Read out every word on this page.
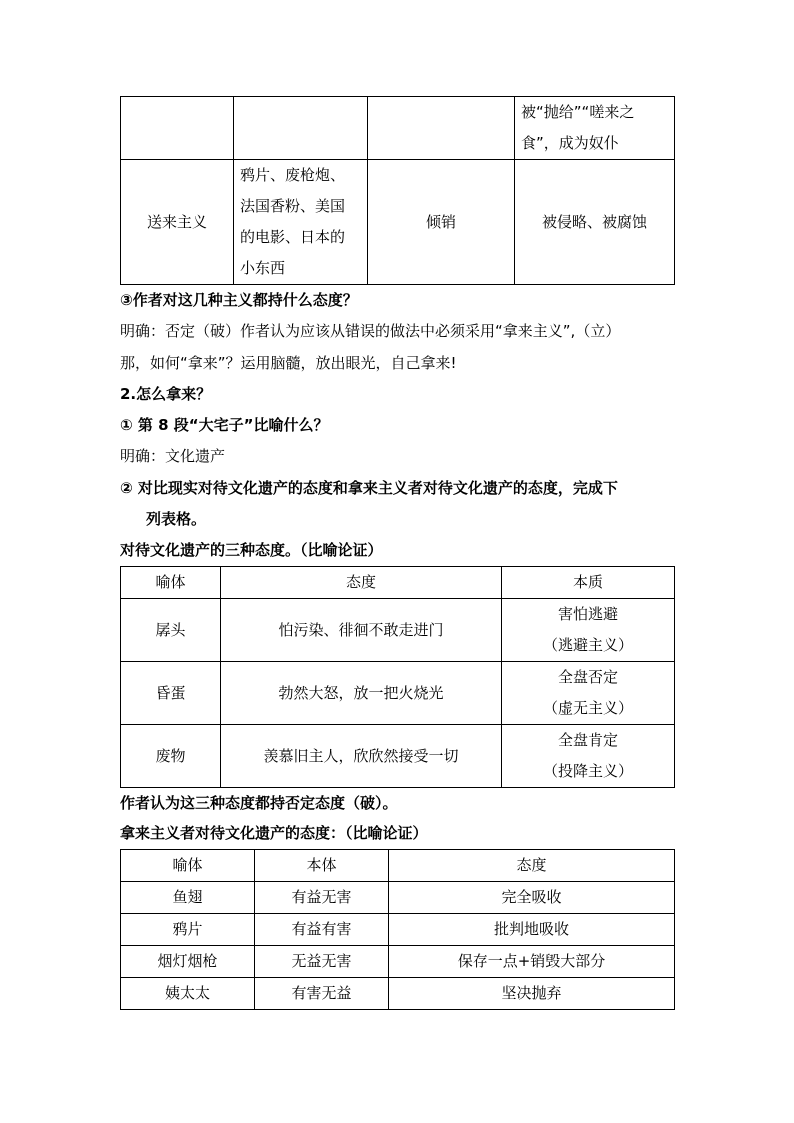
			被“抛给”“嗟来之
食”，成为奴仆

送来主义	鸦片、废枪炮、
法国香粉、美国
的电影、日本的
小东西	倾销	被侵略、被腐蚀
③作者对这几种主义都持什么态度？
明确：否定（破）作者认为应该从错误的做法中必须采用“拿来主义”,（立）
那，如何“拿来”？运用脑髓，放出眼光，自己拿来!
2.怎么拿来？
① 第 8 段“大宅子”比喻什么？
明确：文化遗产
② 对比现实对待文化遗产的态度和拿来主义者对待文化遗产的态度，完成下
列表格。
对待文化遗产的三种态度。（比喻论证）
喻体	态度	本质
孱头	怕污染、徘徊不敢走进门	害怕逃避
（逃避主义）

昏蛋	勃然大怒，放一把火烧光	全盘否定
（虚无主义）

废物	羡慕旧主人，欣欣然接受一切	全盘肯定
（投降主义）
作者认为这三种态度都持否定态度（破）。
拿来主义者对待文化遗产的态度：（比喻论证）
喻体	本体	态度
鱼翅	有益无害	完全吸收
鸦片	有益有害	批判地吸收
烟灯烟枪	无益无害	保存一点+销毁大部分
姨太太	有害无益	坚决抛弃
